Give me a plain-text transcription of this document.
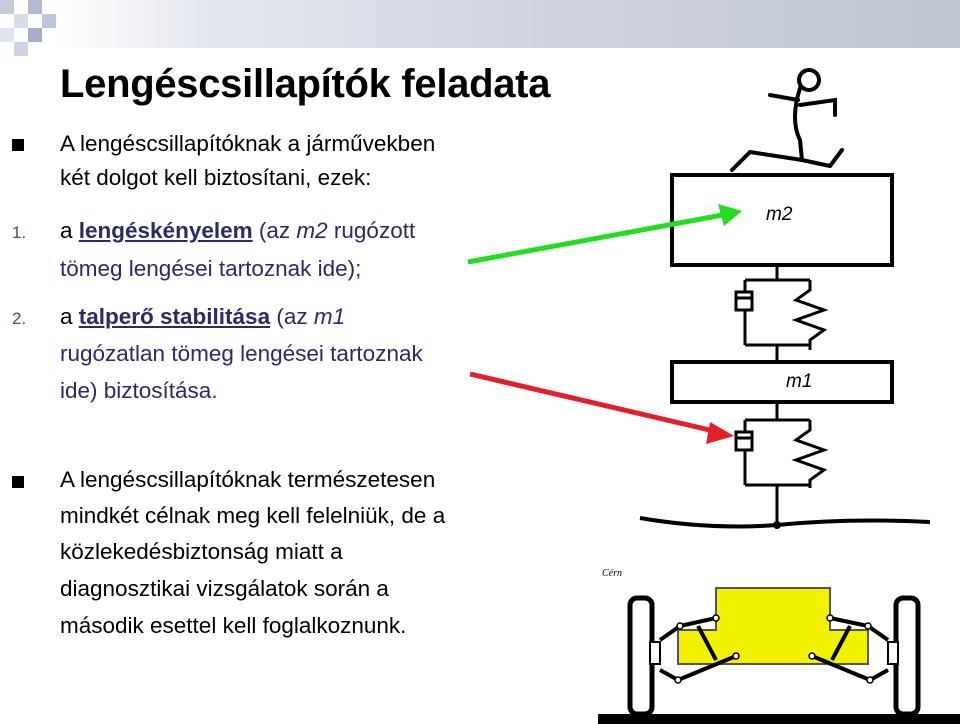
Lengéscsillapítók feladata
A lengéscsillapítóknak a járművekben
két dolgot kell biztosítani, ezek:
1. a lengéskényelem (az m2 rugózott
tömeg lengései tartoznak ide);
2. a talperő stabilitása (az m1
rugózatlan tömeg lengései tartoznak
ide) biztosítása.
A lengéscsillapítóknak természetesen
mindkét célnak meg kell felelniük, de a
közlekedésbiztonság miatt a
diagnosztikai vizsgálatok során a
második esettel kell foglalkoznunk.
m2
m1
Cérn
